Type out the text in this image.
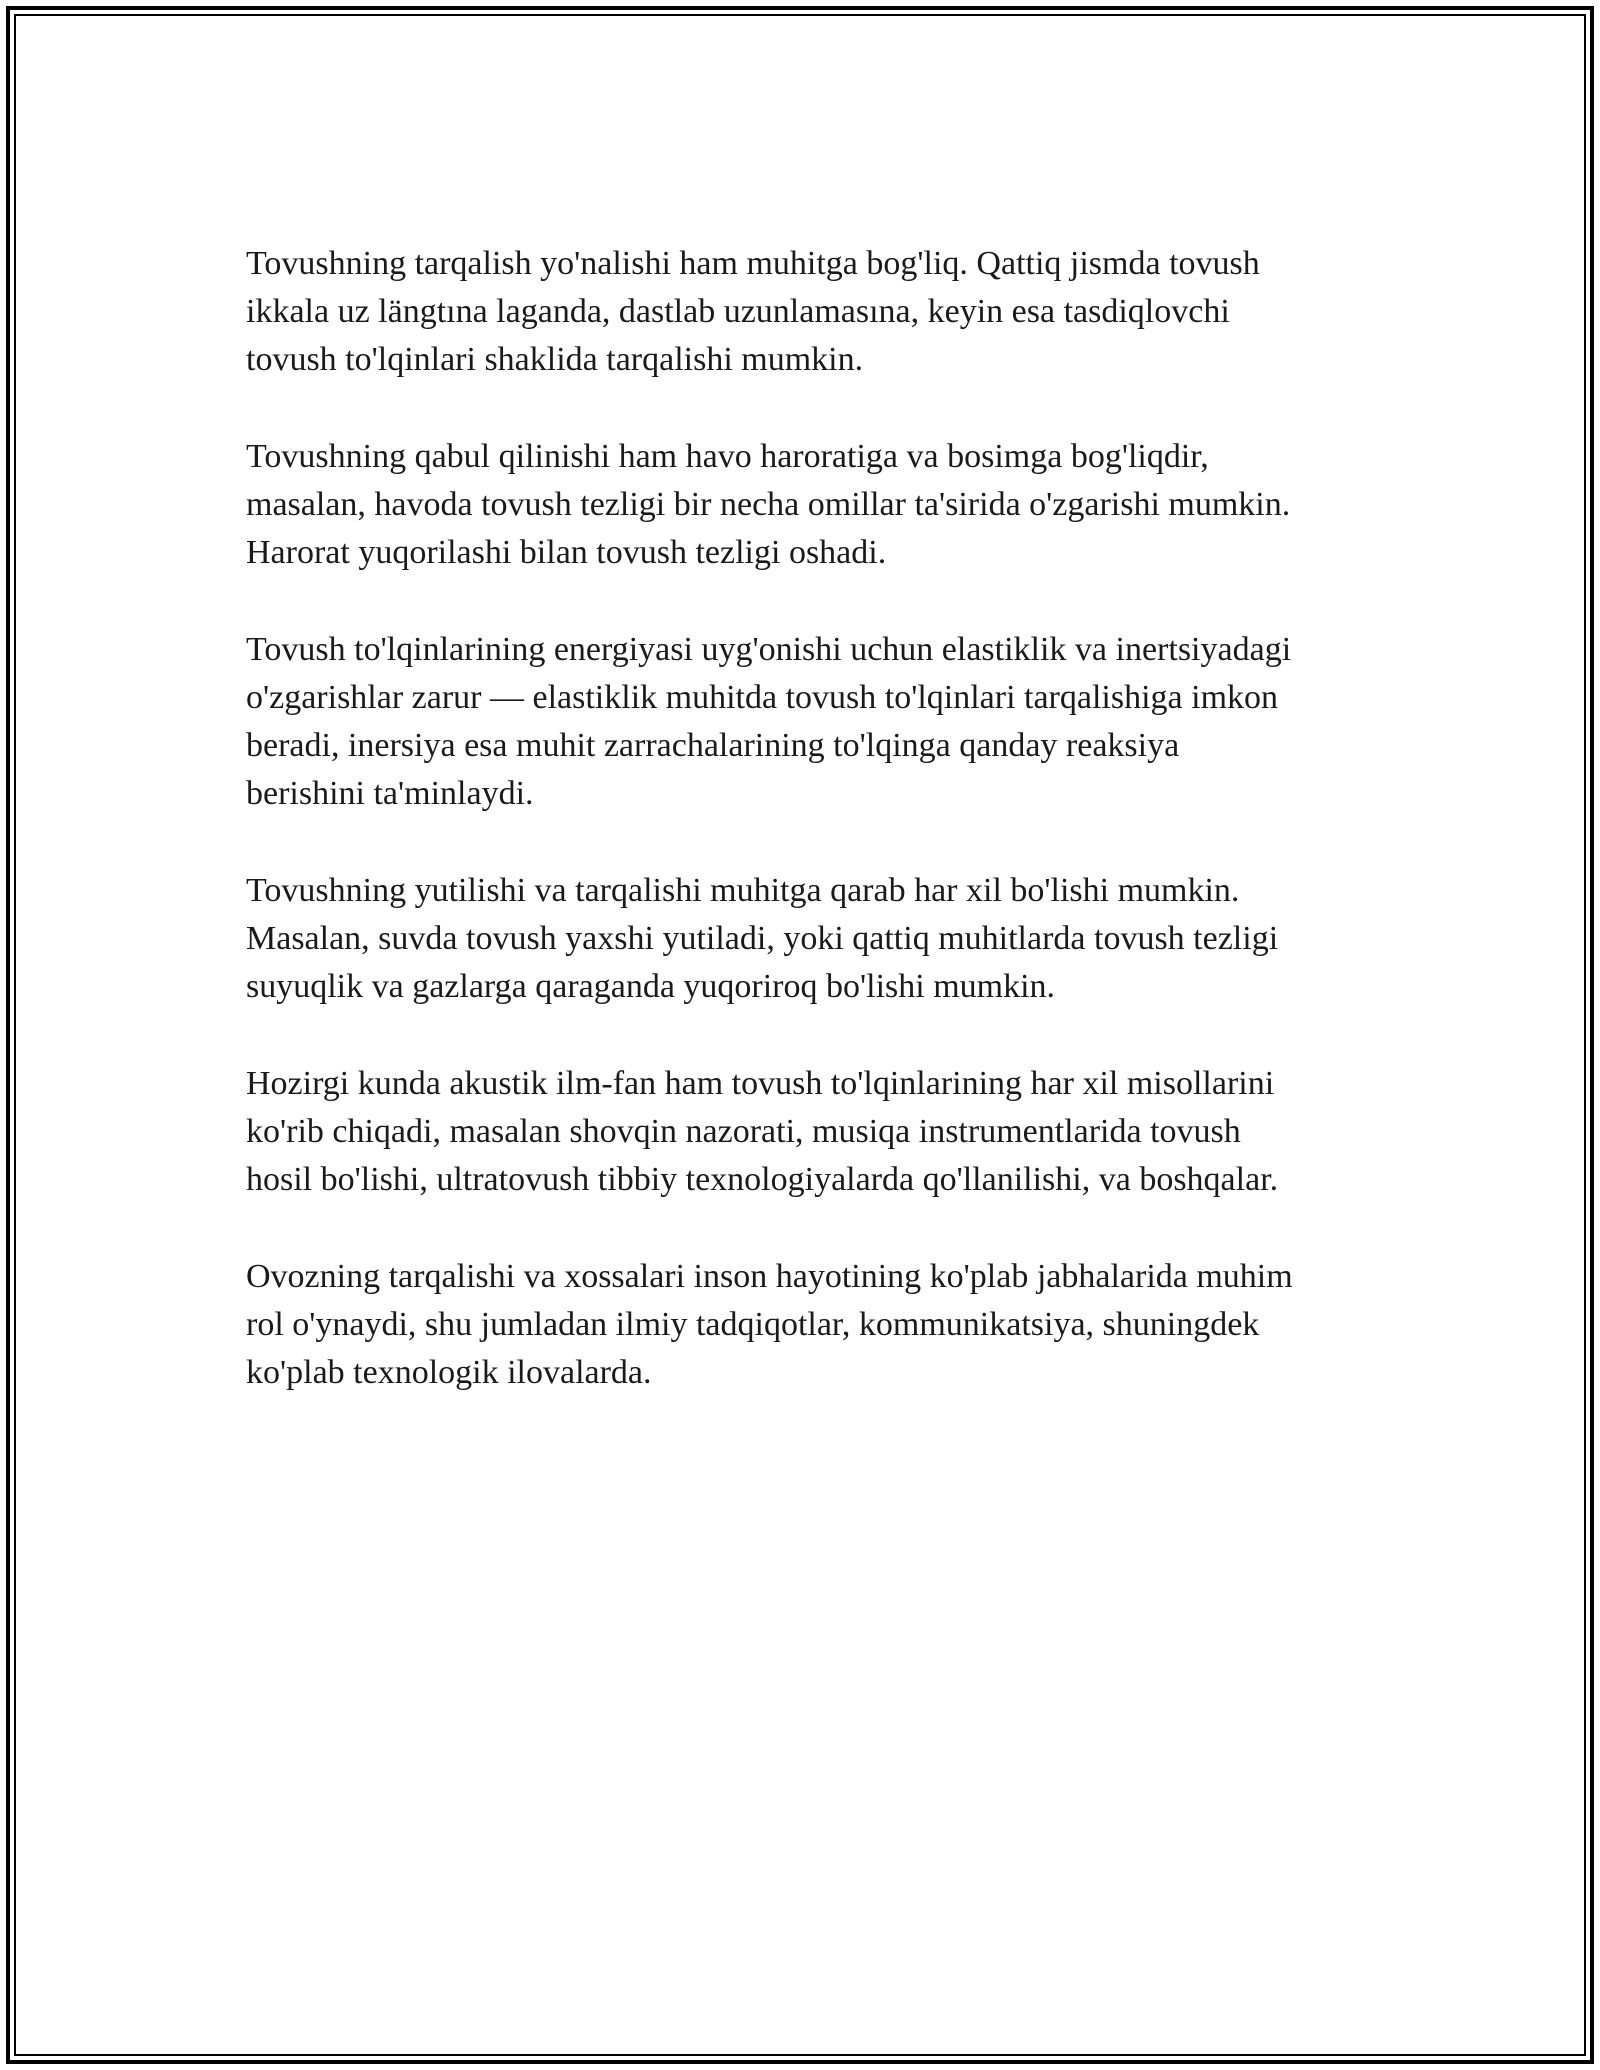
Tovushning tarqalish yo'nalishi ham muhitga bog'liq. Qattiq jismda tovush
ikkala uz längtına laganda, dastlab uzunlamasına, keyin esa tasdiqlovchi
tovush to'lqinlari shaklida tarqalishi mumkin.

Tovushning qabul qilinishi ham havo haroratiga va bosimga bog'liqdir,
masalan, havoda tovush tezligi bir necha omillar ta'sirida o'zgarishi mumkin.
Harorat yuqorilashi bilan tovush tezligi oshadi.

Tovush to'lqinlarining energiyasi uyg'onishi uchun elastiklik va inertsiyadagi
o'zgarishlar zarur — elastiklik muhitda tovush to'lqinlari tarqalishiga imkon
beradi, inersiya esa muhit zarrachalarining to'lqinga qanday reaksiya
berishini ta'minlaydi.

Tovushning yutilishi va tarqalishi muhitga qarab har xil bo'lishi mumkin.
Masalan, suvda tovush yaxshi yutiladi, yoki qattiq muhitlarda tovush tezligi
suyuqlik va gazlarga qaraganda yuqoriroq bo'lishi mumkin.

Hozirgi kunda akustik ilm-fan ham tovush to'lqinlarining har xil misollarini
ko'rib chiqadi, masalan shovqin nazorati, musiqa instrumentlarida tovush
hosil bo'lishi, ultratovush tibbiy texnologiyalarda qo'llanilishi, va boshqalar.

Ovozning tarqalishi va xossalari inson hayotining ko'plab jabhalarida muhim
rol o'ynaydi, shu jumladan ilmiy tadqiqotlar, kommunikatsiya, shuningdek
ko'plab texnologik ilovalarda.
